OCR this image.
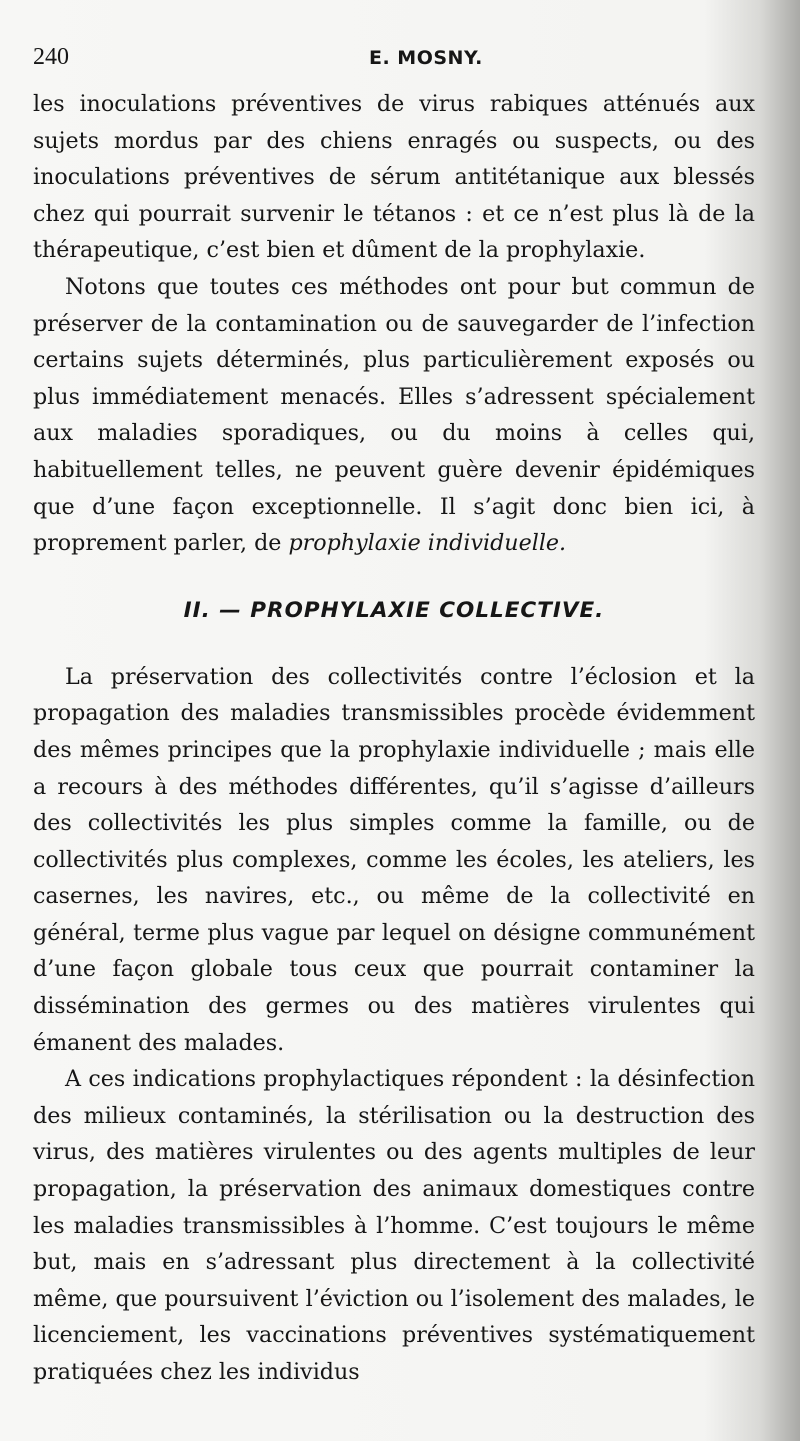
240	E. MOSNY.

les inoculations préventives de virus rabiques atténués aux sujets mordus par des chiens enragés ou suspects, ou des inoculations préventives de sérum antitétanique aux blessés chez qui pourrait survenir le tétanos : et ce n’est plus là de la thérapeutique, c’est bien et dûment de la prophylaxie.

Notons que toutes ces méthodes ont pour but commun de préserver de la contamination ou de sauvegarder de l’infection certains sujets déterminés, plus particulièrement exposés ou plus immédiatement menacés. Elles s’adressent spécialement aux maladies sporadiques, ou du moins à celles qui, habituellement telles, ne peuvent guère devenir épidémiques que d’une façon exceptionnelle. Il s’agit donc bien ici, à proprement parler, de prophylaxie individuelle.

II. — PROPHYLAXIE COLLECTIVE.

La préservation des collectivités contre l’éclosion et la propagation des maladies transmissibles procède évidemment des mêmes principes que la prophylaxie individuelle ; mais elle a recours à des méthodes différentes, qu’il s’agisse d’ailleurs des collectivités les plus simples comme la famille, ou de collectivités plus complexes, comme les écoles, les ateliers, les casernes, les navires, etc., ou même de la collectivité en général, terme plus vague par lequel on désigne communément d’une façon globale tous ceux que pourrait contaminer la dissémination des germes ou des matières virulentes qui émanent des malades.

A ces indications prophylactiques répondent : la désinfection des milieux contaminés, la stérilisation ou la destruction des virus, des matières virulentes ou des agents multiples de leur propagation, la préservation des animaux domestiques contre les maladies transmissibles à l’homme. C’est toujours le même but, mais en s’adressant plus directement à la collectivité même, que poursuivent l’éviction ou l’isolement des malades, le licenciement, les vaccinations préventives systématiquement pratiquées chez les individus
